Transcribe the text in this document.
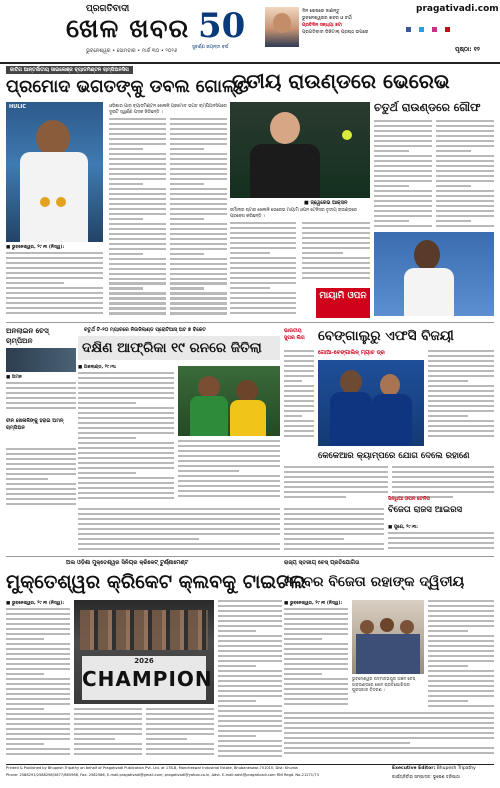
ପ୍ରଗତିବାଦୀ
ଖେଳ ଖବର
ଭୁବନେଶ୍ୱର • ସୋମବାର • ମାର୍ଚ୍ଚ ୩୦ • ୨୦୨୬
50
ସୁବର୍ଣ୍ଣ ଜୟନ୍ତୀ ବର୍ଷ
ଦିନ ଶେଷରେ ଜାଣନ୍ତୁ
ଭୁବନେଶ୍ୱରର ଖବର ଓ ଚର୍ଚ୍ଚା
ପ୍ରତିଦିନ ସନ୍ଧ୍ୟା ୭ଟା
ପ୍ରଗତିବାଦୀ ଡିଜିଟାଲ୍ ପ୍ରଷ୍ଠ ଉପରେ
pragativadi.com

ପୃଷ୍ଠା: ୧୨
ଜାତିଗ ଆନ୍ତର୍ଜାତୀୟ ସାଇଲେଞ୍ଜ ବ୍ୟାଡମିଣ୍ଟନ ଚାମ୍ପିଅନସିପ
ପ୍ରମୋଦ ଭଗତଙ୍କୁ ଡବଲ ଗୋଲ୍ଡ
HULIC
■ ଭୁବନେଶ୍ୱର, ୨୯।୩ (ନିସ୍ୱ):
ଓଡ଼ିଶାର ପାରା ବ୍ୟାଡମିଣ୍ଟନ ଖେଳାଳି ପ୍ରମୋଦ ଭଗତ ଚାମ୍ପିଅନସିପରେ ଦୁଇଟି ସ୍ୱର୍ଣ୍ଣ ପଦକ ଜିତିଛନ୍ତି ।
ତୃତୀୟ ରାଉଣ୍ଡରେ ଭେରେଭ
■ ଜ୍ୱେରେଭ ଆକ୍ସନ
ଜର୍ମାନୀର ଷ୍ଟାର ଖେଳାଳି ଭେରେଭ ମାୟାମି ଓପନ ଟେନିସର ତୃତୀୟ ରାଉଣ୍ଡରେ ପ୍ରବେଶ କରିଛନ୍ତି ।
ମାୟାମି ଓପନ
ଚତୁର୍ଥ ରାଉଣ୍ଡରେ ଗୌଫ
ଅନଲାଇନ ଚେସ୍ ଚାମ୍ପିଅନ
■ ଅମନ
ଚୀନ ଖେଳାଳିଙ୍କୁ ହରାଇ ଅମନ୍ ଚାମ୍ପିଅନ
ଚତୁର୍ଥ ଟି-୨୦ ମ୍ୟାଚରେ ନିଉଜିଲାଣ୍ଡ ପ୍ରୋଟିଆସ୍ ଅଟ ୭ ବିକେଟ
ଦକ୍ଷିଣ ଆଫ୍ରିକା ୧୯ ରନରେ ଜିତିଲା
■ ଅକଲାଣ୍ଡ, ୨୯।୩:
ଭାରତୀୟ ସୁପର ଲିଗ ବେଙ୍ଗାଲୁରୁ ଏଫସି ବିଜୟୀ
ଗୋଆ-ବେଙ୍ଗାଲିନ୍ ମ୍ୟାଚ ଡ୍ର
କେକେଆର କ୍ୟାମ୍ପରେ ଯୋଗ ଦେଲେ ରହାଣେ
ସିନ୍ଧିଆ ଓପନ ଟେନିସ
ବିଜେତା ରାଜସ ଆଇରସ
■ ପୁଣେ, ୨୯।୩:
ଅଲ ଓଡ଼ିଶା ମୁକ୍ତେଶ୍ୱର ସିନିୟର କ୍ରିକେଟ୍ ଟୁର୍ଣ୍ଣାମେଣ୍ଟ
ମୁକ୍ତେଶ୍ୱର କ୍ରିକେଟ କ୍ଲବକୁ ଟାଇଟଲ
■ ଭୁବନେଶ୍ୱର, ୨୯।୩ (ନିସ୍ୱ):
2026
CHAMPION
ରାଜ୍ୟ ସ୍ତରୀୟ ଚେସ୍ ପ୍ରତିଯୋଗିତା
ନଟବର ବିଜେତା ରହାଙ୍କ ଦ୍ୱିତୀୟ
■ ଭୁବନେଶ୍ୱର, ୨୯।୩ (ନିସ୍ୱ):
ଭୁବନେଶ୍ୱର ପଦ୍ମନାଭପୁର ଅଞ୍ଚଳ ଚେସ୍ ଗ୍ରାଉଣ୍ଡରେ ଖେଳ ପ୍ରତିଯୋଗିତାର ପୁରସ୍କାର ବିତରଣ ।
Printed & Published by Bhupesh Tripathy on behalf of Pragativadi Publication Pvt. Ltd. at 178-B, Mancheswar Industrial Estate, Bhubaneswar-751010, Dist: Khurda
Phone: 2588291/2588298/3877/665966, Fax: 2582586, E-mail:pragativadi@gmail.com; pragativadi@yahoo.co.in, Advt. E-mail:advt@pragativadi.com RNI Regd. No-21271/73
Executive Editor: Bhupesh Tripathy
କାର୍ଯ୍ୟନିର୍ବାହୀ ସମ୍ପାଦକ: ଭୂପେଶ ତ୍ରିପାଠୀ
